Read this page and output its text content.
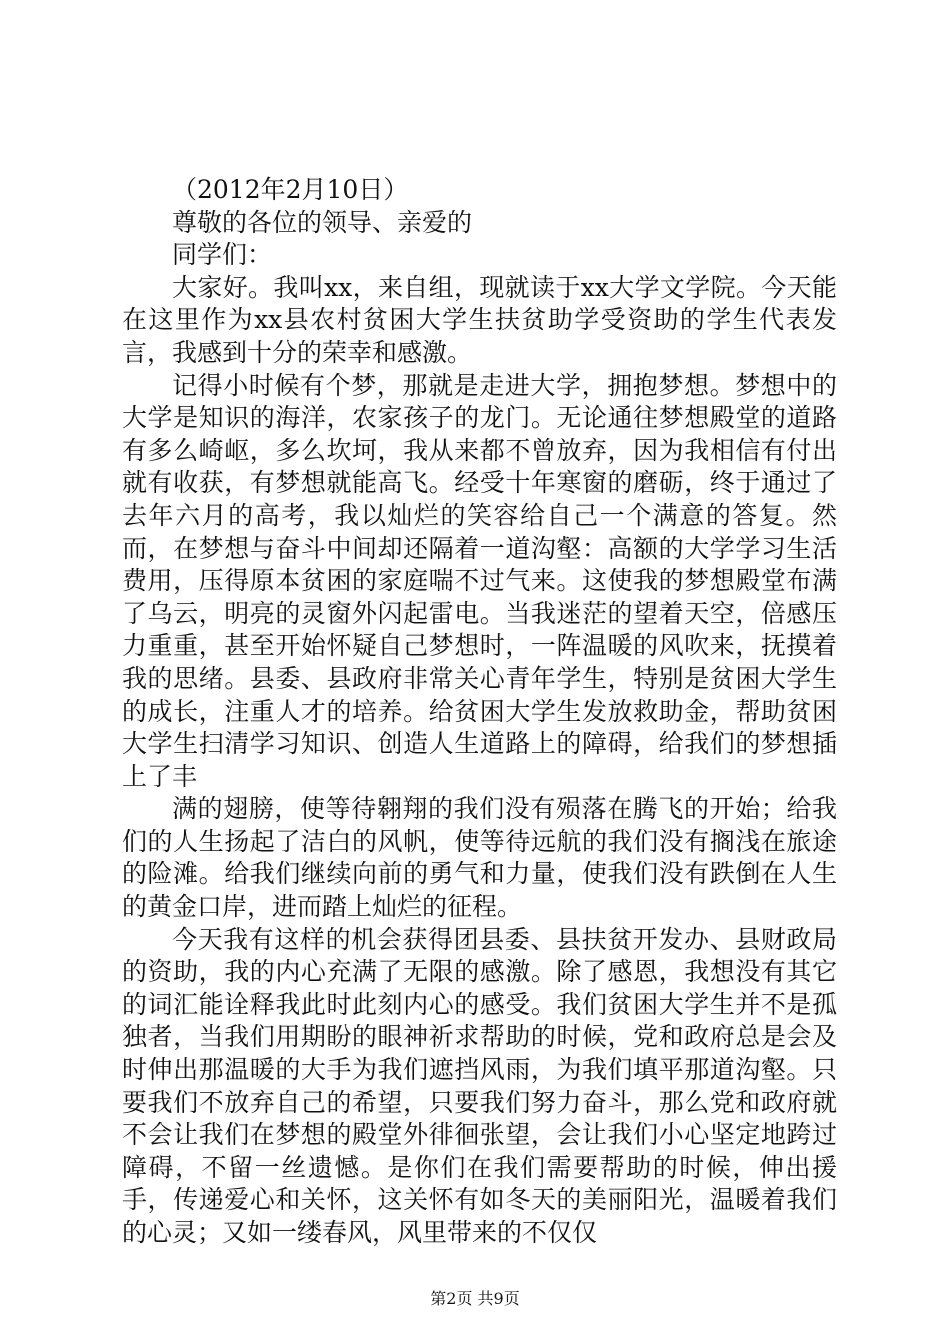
（2012年2月10日）

尊敬的各位的领导、亲爱的

同学们：

大家好。我叫xx，来自组，现就读于xx大学文学院。今天能在这里作为xx县农村贫困大学生扶贫助学受资助的学生代表发言，我感到十分的荣幸和感激。

记得小时候有个梦，那就是走进大学，拥抱梦想。梦想中的大学是知识的海洋，农家孩子的龙门。无论通往梦想殿堂的道路有多么崎岖，多么坎坷，我从来都不曾放弃，因为我相信有付出就有收获，有梦想就能高飞。经受十年寒窗的磨砺，终于通过了去年六月的高考，我以灿烂的笑容给自己一个满意的答复。然而，在梦想与奋斗中间却还隔着一道沟壑：高额的大学学习生活费用，压得原本贫困的家庭喘不过气来。这使我的梦想殿堂布满了乌云，明亮的灵窗外闪起雷电。当我迷茫的望着天空，倍感压力重重，甚至开始怀疑自己梦想时，一阵温暖的风吹来，抚摸着我的思绪。县委、县政府非常关心青年学生，特别是贫困大学生的成长，注重人才的培养。给贫困大学生发放救助金，帮助贫困大学生扫清学习知识、创造人生道路上的障碍，给我们的梦想插上了丰

满的翅膀，使等待翱翔的我们没有殒落在腾飞的开始；给我们的人生扬起了洁白的风帆，使等待远航的我们没有搁浅在旅途的险滩。给我们继续向前的勇气和力量，使我们没有跌倒在人生的黄金口岸，进而踏上灿烂的征程。

今天我有这样的机会获得团县委、县扶贫开发办、县财政局的资助，我的内心充满了无限的感激。除了感恩，我想没有其它的词汇能诠释我此时此刻内心的感受。我们贫困大学生并不是孤独者，当我们用期盼的眼神祈求帮助的时候，党和政府总是会及时伸出那温暖的大手为我们遮挡风雨，为我们填平那道沟壑。只要我们不放弃自己的希望，只要我们努力奋斗，那么党和政府就不会让我们在梦想的殿堂外徘徊张望，会让我们小心坚定地跨过障碍，不留一丝遗憾。是你们在我们需要帮助的时候，伸出援手，传递爱心和关怀，这关怀有如冬天的美丽阳光，温暖着我们的心灵；又如一缕春风，风里带来的不仅仅

第2页 共9页
